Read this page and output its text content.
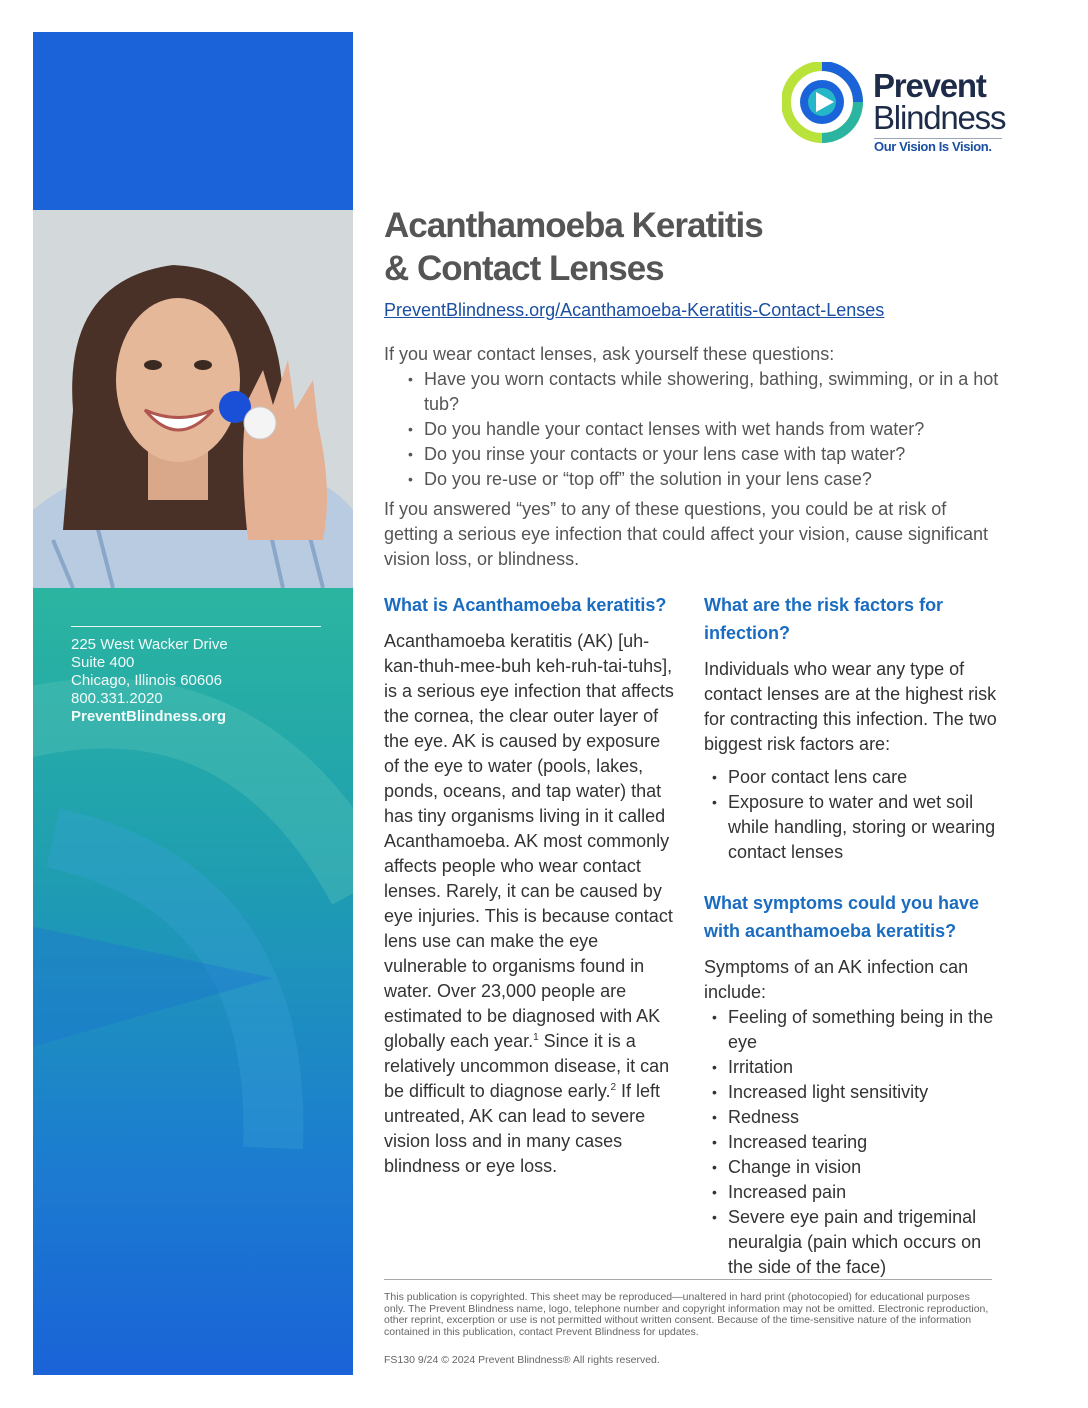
225 West Wacker Drive
Suite 400
Chicago, Illinois 60606
800.331.2020
PreventBlindness.org
Prevent
Blindness
Our Vision Is Vision.
Acanthamoeba Keratitis
& Contact Lenses
PreventBlindness.org/Acanthamoeba-Keratitis-Contact-Lenses
If you wear contact lenses, ask yourself these questions:
• Have you worn contacts while showering, bathing, swimming, or in a hot tub?
• Do you handle your contact lenses with wet hands from water?
• Do you rinse your contacts or your lens case with tap water?
• Do you re-use or “top off” the solution in your lens case?
If you answered “yes” to any of these questions, you could be at risk of getting a serious eye infection that could affect your vision, cause significant vision loss, or blindness.
What is Acanthamoeba keratitis?

Acanthamoeba keratitis (AK) [uh-kan-thuh-mee-buh keh-ruh-tai-tuhs], is a serious eye infection that affects the cornea, the clear outer layer of the eye. AK is caused by exposure of the eye to water (pools, lakes, ponds, oceans, and tap water) that has tiny organisms living in it called Acanthamoeba. AK most commonly affects people who wear contact lenses. Rarely, it can be caused by eye injuries. This is because contact lens use can make the eye vulnerable to organisms found in water. Over 23,000 people are estimated to be diagnosed with AK globally each year.$^1$ Since it is a relatively uncommon disease, it can be difficult to diagnose early.$^2$ If left untreated, AK can lead to severe vision loss and in many cases blindness or eye loss.

What are the risk factors for infection?

Individuals who wear any type of contact lenses are at the highest risk for contracting this infection. The two biggest risk factors are:

• Poor contact lens care
• Exposure to water and wet soil while handling, storing or wearing contact lenses
What symptoms could you have with acanthamoeba keratitis?

Symptoms of an AK infection can include:

• Feeling of something being in the eye
• Irritation
• Increased light sensitivity
• Redness
• Increased tearing
• Change in vision
• Increased pain
• Severe eye pain and trigeminal neuralgia (pain which occurs on the side of the face)
This publication is copyrighted. This sheet may be reproduced—unaltered in hard print (photocopied) for educational purposes only. The Prevent Blindness name, logo, telephone number and copyright information may not be omitted. Electronic reproduction, other reprint, excerption or use is not permitted without written consent. Because of the time-sensitive nature of the information contained in this publication, contact Prevent Blindness for updates.
FS130 9/24 © 2024 Prevent Blindness® All rights reserved.
